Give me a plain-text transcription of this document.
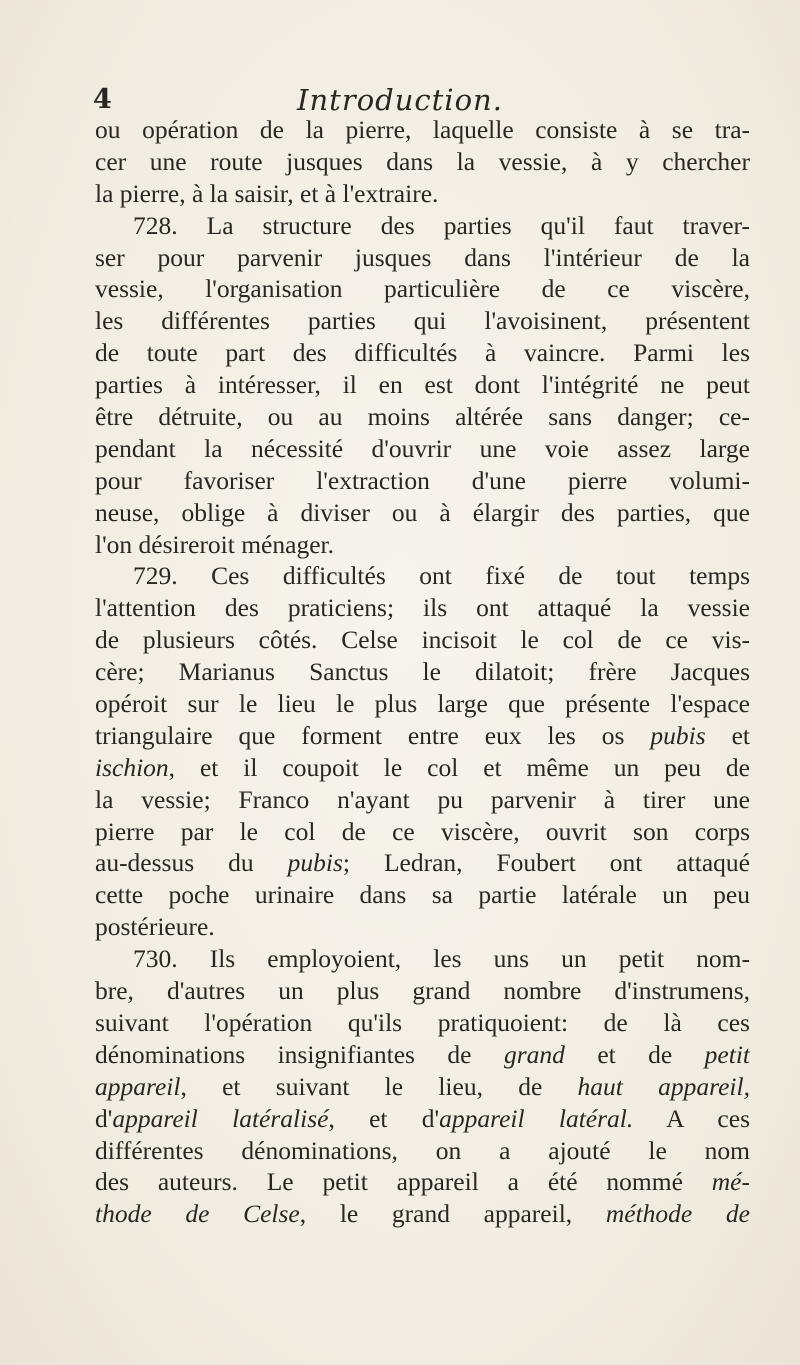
4	Introduction.
ou opération de la pierre, laquelle consiste à se tra-
cer une route jusques dans la vessie, à y chercher
la pierre, à la saisir, et à l'extraire.
728. La structure des parties qu'il faut traver-
ser pour parvenir jusques dans l'intérieur de la
vessie, l'organisation particulière de ce viscère,
les différentes parties qui l'avoisinent, présentent
de toute part des difficultés à vaincre. Parmi les
parties à intéresser, il en est dont l'intégrité ne peut
être détruite, ou au moins altérée sans danger; ce-
pendant la nécessité d'ouvrir une voie assez large
pour favoriser l'extraction d'une pierre volumi-
neuse, oblige à diviser ou à élargir des parties, que
l'on désireroit ménager.
729. Ces difficultés ont fixé de tout temps
l'attention des praticiens; ils ont attaqué la vessie
de plusieurs côtés. Celse incisoit le col de ce vis-
cère; Marianus Sanctus le dilatoit; frère Jacques
opéroit sur le lieu le plus large que présente l'espace
triangulaire que forment entre eux les os pubis et
ischion, et il coupoit le col et même un peu de
la vessie; Franco n'ayant pu parvenir à tirer une
pierre par le col de ce viscère, ouvrit son corps
au-dessus du pubis; Ledran, Foubert ont attaqué
cette poche urinaire dans sa partie latérale un peu
postérieure.
730. Ils employoient, les uns un petit nom-
bre, d'autres un plus grand nombre d'instrumens,
suivant l'opération qu'ils pratiquoient: de là ces
dénominations insignifiantes de grand et de petit
appareil, et suivant le lieu, de haut appareil,
d'appareil latéralisé, et d'appareil latéral. A ces
différentes dénominations, on a ajouté le nom
des auteurs. Le petit appareil a été nommé mé-
thode de Celse, le grand appareil, méthode de
